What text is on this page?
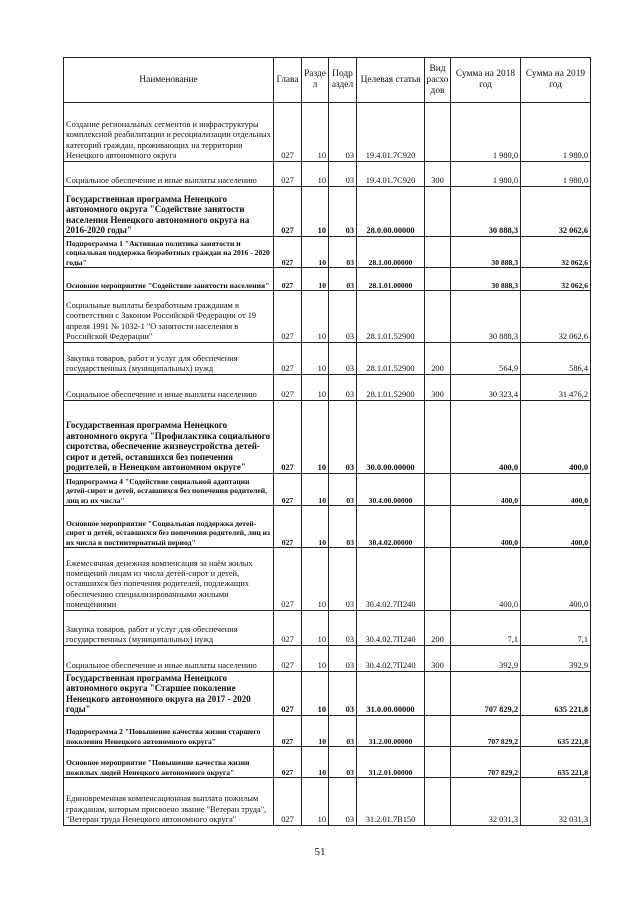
Наименование	Глава	Разде л	Подр аздел	Целевая статья	Вид расхо дов	Сумма на 2018 год	Сумма на 2019 год
Создание региональных сегментов и инфраструктуры комплексной реабилитации и ресоциализации отдельных категорий граждан, проживающих на территории Ненецкого автономного округа	027	10	03	19.4.01.7С920		1 980,0	1 980,0
Социальное обеспечение и иные выплаты населению	027	10	03	19.4.01.7С920	300	1 980,0	1 980,0
Государственная программа Ненецкого автономного округа "Содействие занятости населения Ненецкого автономного округа на 2016-2020 годы"	027	10	03	28.0.00.00000		30 888,3	32 062,6
Подпрограмма 1 "Активная политика занятости и социальная поддержка безработных граждан на 2016 - 2020 годы"	027	10	03	28.1.00.00000		30 888,3	32 062,6
Основное мероприятие "Содействие занятости населения"	027	10	03	28.1.01.00000		30 888,3	32 062,6
Социальные выплаты безработным гражданам в соответствии с Законом Российской Федерации от 19 апреля 1991 № 1032-1 "О занятости населения в Российской Федерации"	027	10	03	28.1.01.52900		30 888,3	32 062,6
Закупка товаров, работ и услуг для обеспечения государственных (муниципальных) нужд	027	10	03	28.1.01.52900	200	564,9	586,4
Социальное обеспечение и иные выплаты населению	027	10	03	28.1.01.52900	300	30 323,4	31 476,2
Государственная программа Ненецкого автономного округа "Профилактика социального сиротства, обеспечение жизнеустройства детей-сирот и детей, оставшихся без попечения родителей, в Ненецком автономном округе"	027	10	03	30.0.00.00000		400,0	400,0
Подпрограмма 4 "Содействие социальной адаптации детей-сирот и детей, оставшихся без попечения родителей, лиц из их числа"	027	10	03	30.4.00.00000		400,0	400,0
Основное мероприятие "Социальная поддержка детей-сирот и детей, оставшихся без попечения родителей, лиц из их числа в постинтернатный период"	027	10	03	30.4.02.00000		400,0	400,0
Ежемесячная денежная компенсация за наём жилых помещений лицам из числа детей-сирот и детей, оставшихся без попечения родителей, подлежащих обеспечению специализированными жилыми помещениями	027	10	03	30.4.02.7П240		400,0	400,0
Закупка товаров, работ и услуг для обеспечения государственных (муниципальных) нужд	027	10	03	30.4.02.7П240	200	7,1	7,1
Социальное обеспечение и иные выплаты населению	027	10	03	30.4.02.7П240	300	392,9	392,9
Государственная программа Ненецкого автономного округа "Старшее поколение Ненецкого автономного округа на 2017 - 2020 годы"	027	10	03	31.0.00.00000		707 829,2	635 221,8
Подпрограмма 2 "Повышение качества жизни старшего поколения Ненецкого автономного округа"	027	10	03	31.2.00.00000		707 829,2	635 221,8
Основное мероприятие "Повышение качества жизни пожилых людей Ненецкого автономного округа"	027	10	03	31.2.01.00000		707 829,2	635 221,8
Единовременная компенсационная выплата пожилым гражданам, которым присвоено звание "Ветеран труда", "Ветеран труда Ненецкого автономного округа"	027	10	03	31.2.01.7В150		32 031,3	32 031,3
51
